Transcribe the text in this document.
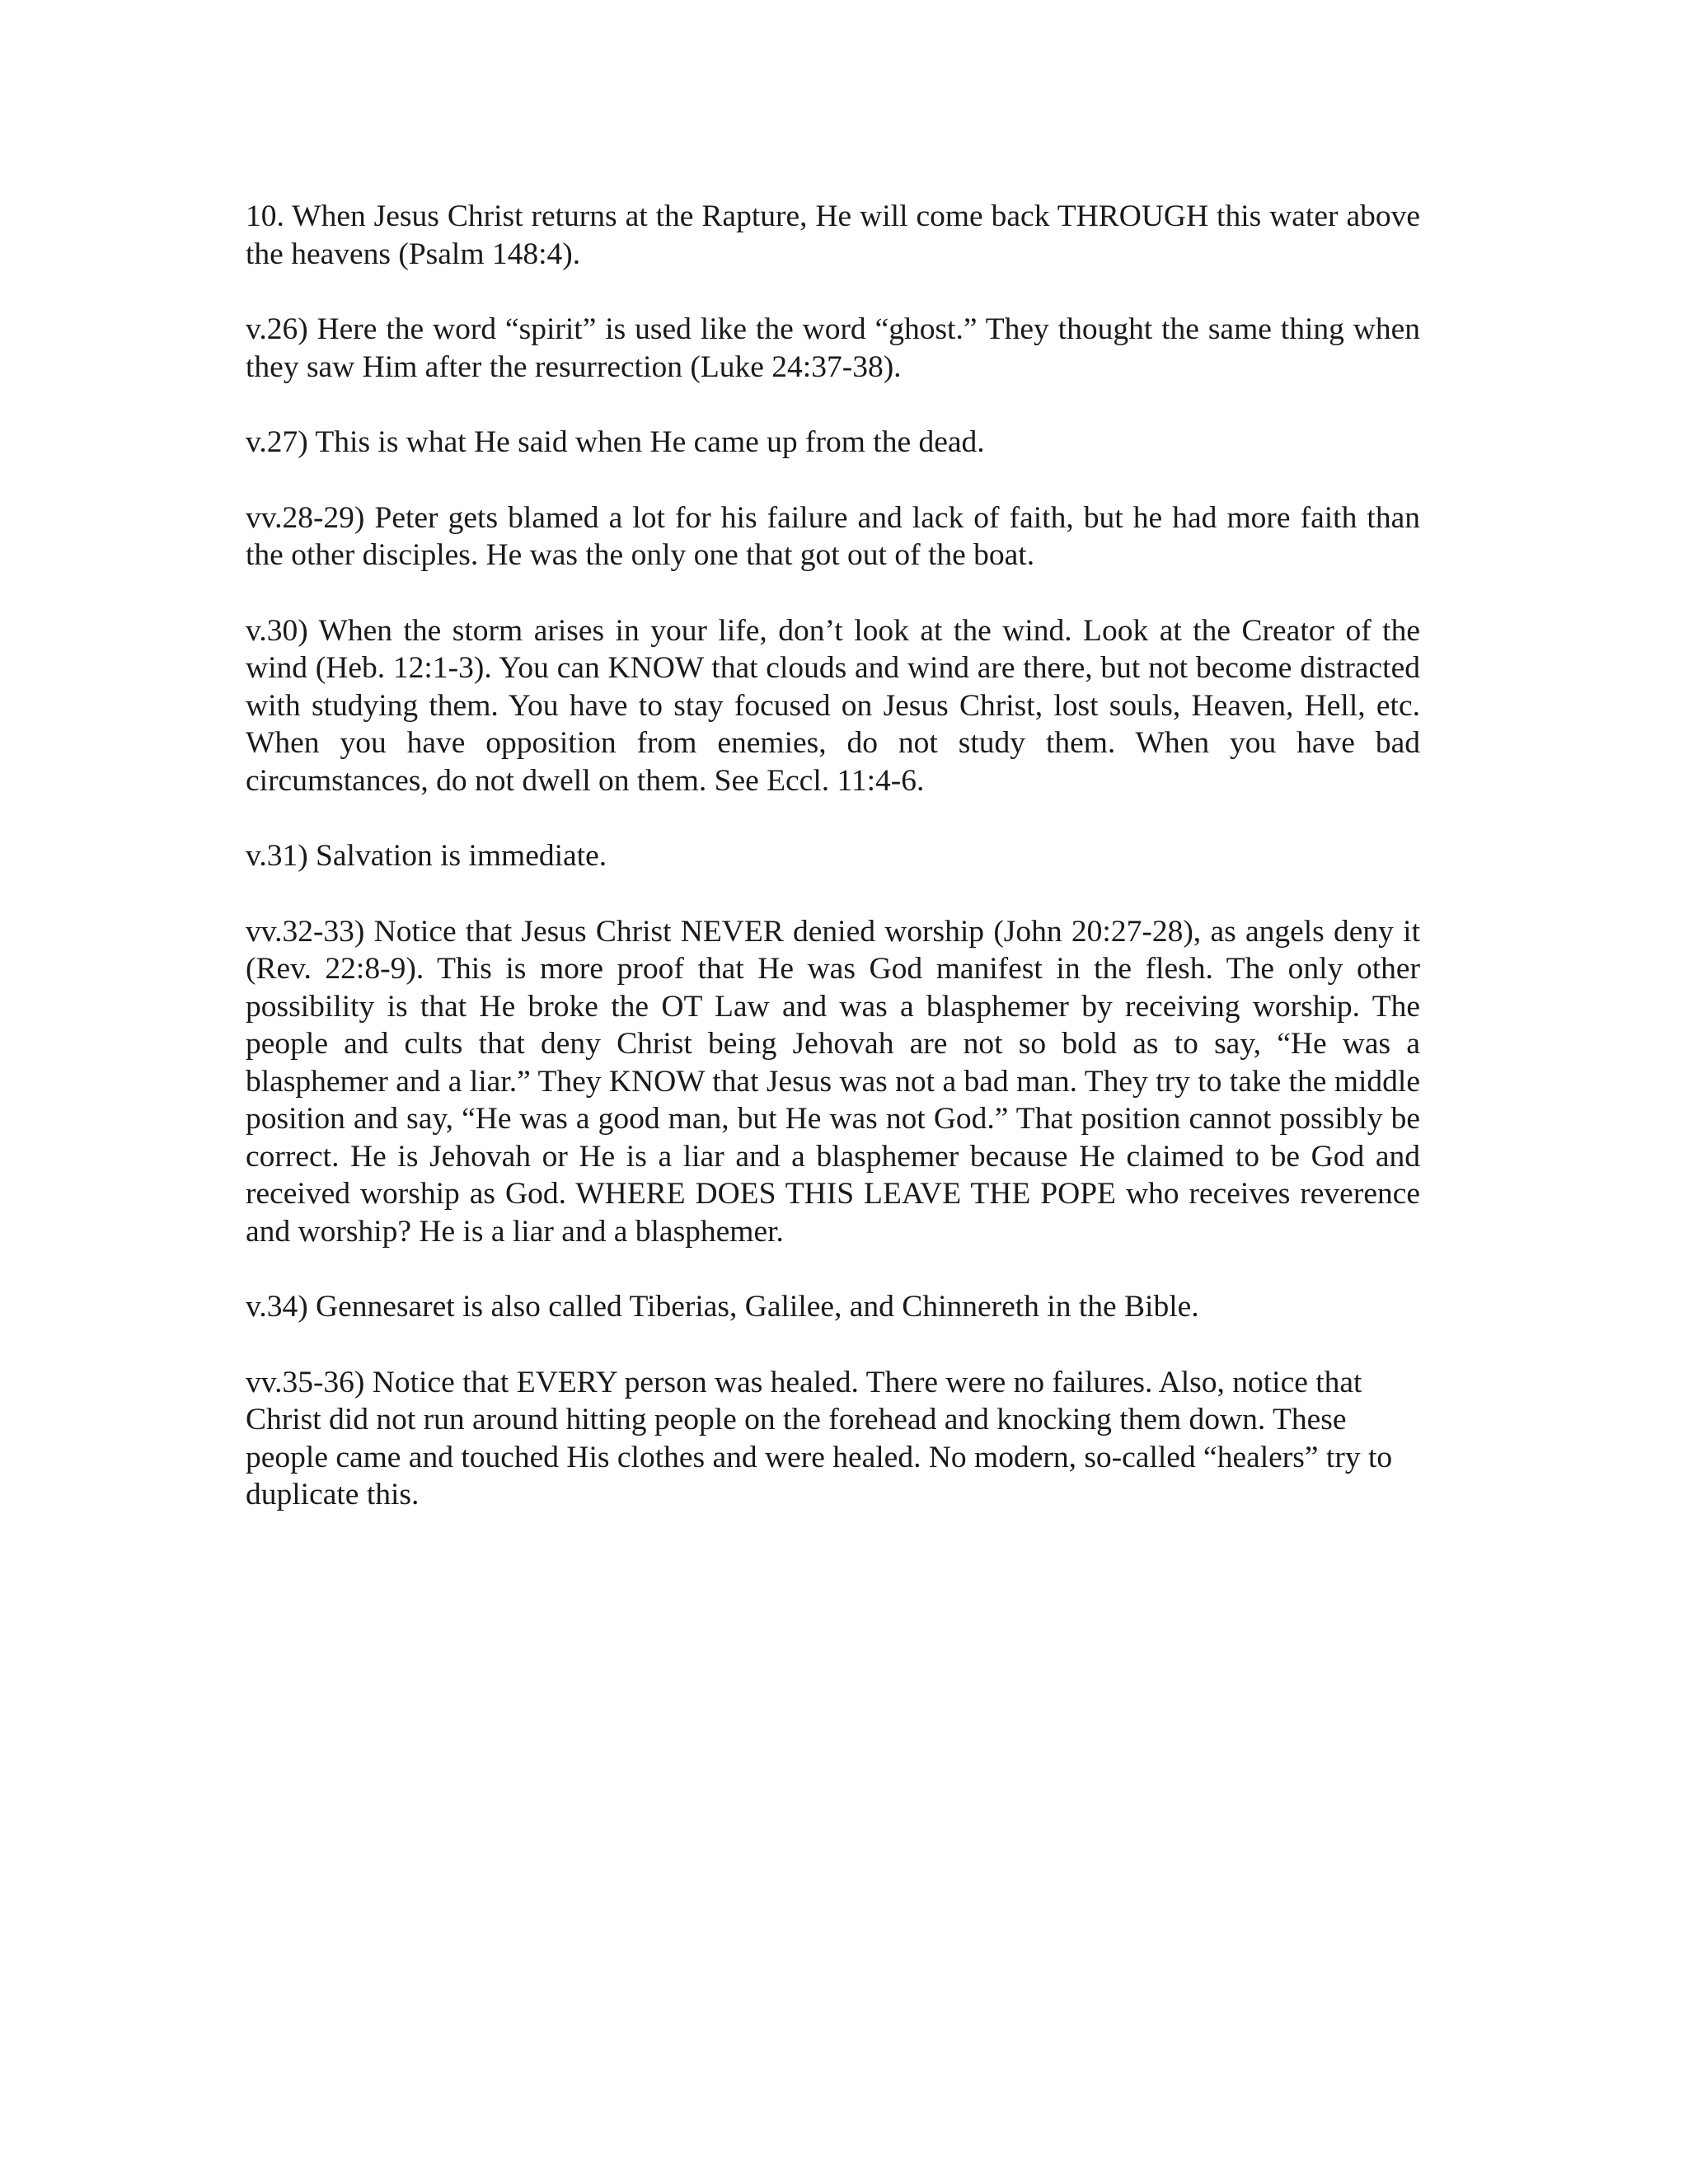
10. When Jesus Christ returns at the Rapture, He will come back THROUGH this water above the heavens (Psalm 148:4).

v.26) Here the word “spirit” is used like the word “ghost.” They thought the same thing when they saw Him after the resurrection (Luke 24:37-38).

v.27) This is what He said when He came up from the dead.

vv.28-29) Peter gets blamed a lot for his failure and lack of faith, but he had more faith than the other disciples. He was the only one that got out of the boat.

v.30) When the storm arises in your life, don’t look at the wind. Look at the Creator of the wind (Heb. 12:1-3). You can KNOW that clouds and wind are there, but not become distracted with studying them. You have to stay focused on Jesus Christ, lost souls, Heaven, Hell, etc. When you have opposition from enemies, do not study them. When you have bad circumstances, do not dwell on them. See Eccl. 11:4-6.

v.31) Salvation is immediate.

vv.32-33) Notice that Jesus Christ NEVER denied worship (John 20:27-28), as angels deny it (Rev. 22:8-9). This is more proof that He was God manifest in the flesh. The only other possibility is that He broke the OT Law and was a blasphemer by receiving worship. The people and cults that deny Christ being Jehovah are not so bold as to say, “He was a blasphemer and a liar.” They KNOW that Jesus was not a bad man. They try to take the middle position and say, “He was a good man, but He was not God.” That position cannot possibly be correct. He is Jehovah or He is a liar and a blasphemer because He claimed to be God and received worship as God. WHERE DOES THIS LEAVE THE POPE who receives reverence and worship? He is a liar and a blasphemer.

v.34) Gennesaret is also called Tiberias, Galilee, and Chinnereth in the Bible.

vv.35-36) Notice that EVERY person was healed. There were no failures. Also, notice that Christ did not run around hitting people on the forehead and knocking them down. These people came and touched His clothes and were healed. No modern, so-called “healers” try to duplicate this.
